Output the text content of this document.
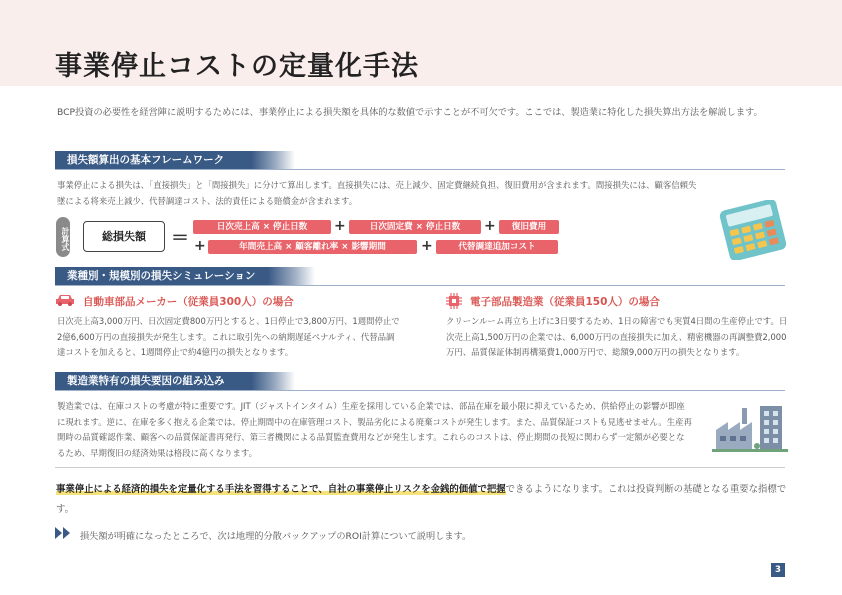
事業停止コストの定量化手法
BCP投資の必要性を経営陣に説明するためには、事業停止による損失額を具体的な数値で示すことが不可欠です。ここでは、製造業に特化した損失算出方法を解説します。
損失額算出の基本フレームワーク
事業停止による損失は、「直接損失」と「間接損失」に分けて算出します。直接損失には、売上減少、固定費継続負担、復旧費用が含まれます。間接損失には、顧客信頼失墜による将来売上減少、代替調達コスト、法的責任による賠償金が含まれます。
計算式	総損失額	＝
日次売上高 × 停止日数	+	日次固定費 × 停止日数	+	復旧費用
+	年間売上高 × 顧客離れ率 × 影響期間	+	代替調達追加コスト
業種別・規模別の損失シミュレーション
自動車部品メーカー（従業員300人）の場合
日次売上高3,000万円、日次固定費800万円とすると、1日停止で3,800万円、1週間停止で2億6,600万円の直接損失が発生します。これに取引先への納期遅延ペナルティ、代替品調達コストを加えると、1週間停止で約4億円の損失となります。
電子部品製造業（従業員150人）の場合
クリーンルーム再立ち上げに3日要するため、1日の障害でも実質4日間の生産停止です。日次売上高1,500万円の企業では、6,000万円の直接損失に加え、精密機器の再調整費2,000万円、品質保証体制再構築費1,000万円で、総額9,000万円の損失となります。
製造業特有の損失要因の組み込み
製造業では、在庫コストの考慮が特に重要です。JIT（ジャストインタイム）生産を採用している企業では、部品在庫を最小限に抑えているため、供給停止の影響が即座に現れます。逆に、在庫を多く抱える企業では、停止期間中の在庫管理コスト、製品劣化による廃棄コストが発生します。また、品質保証コストも見逃せません。生産再開時の品質確認作業、顧客への品質保証書再発行、第三者機関による品質監査費用などが発生します。これらのコストは、停止期間の長短に関わらず一定額が必要となるため、早期復旧の経済効果は格段に高くなります。
事業停止による経済的損失を定量化する手法を習得することで、自社の事業停止リスクを金銭的価値で把握できるようになります。これは投資判断の基礎となる重要な指標です。
損失額が明確になったところで、次は地理的分散バックアップのROI計算について説明します。
3
